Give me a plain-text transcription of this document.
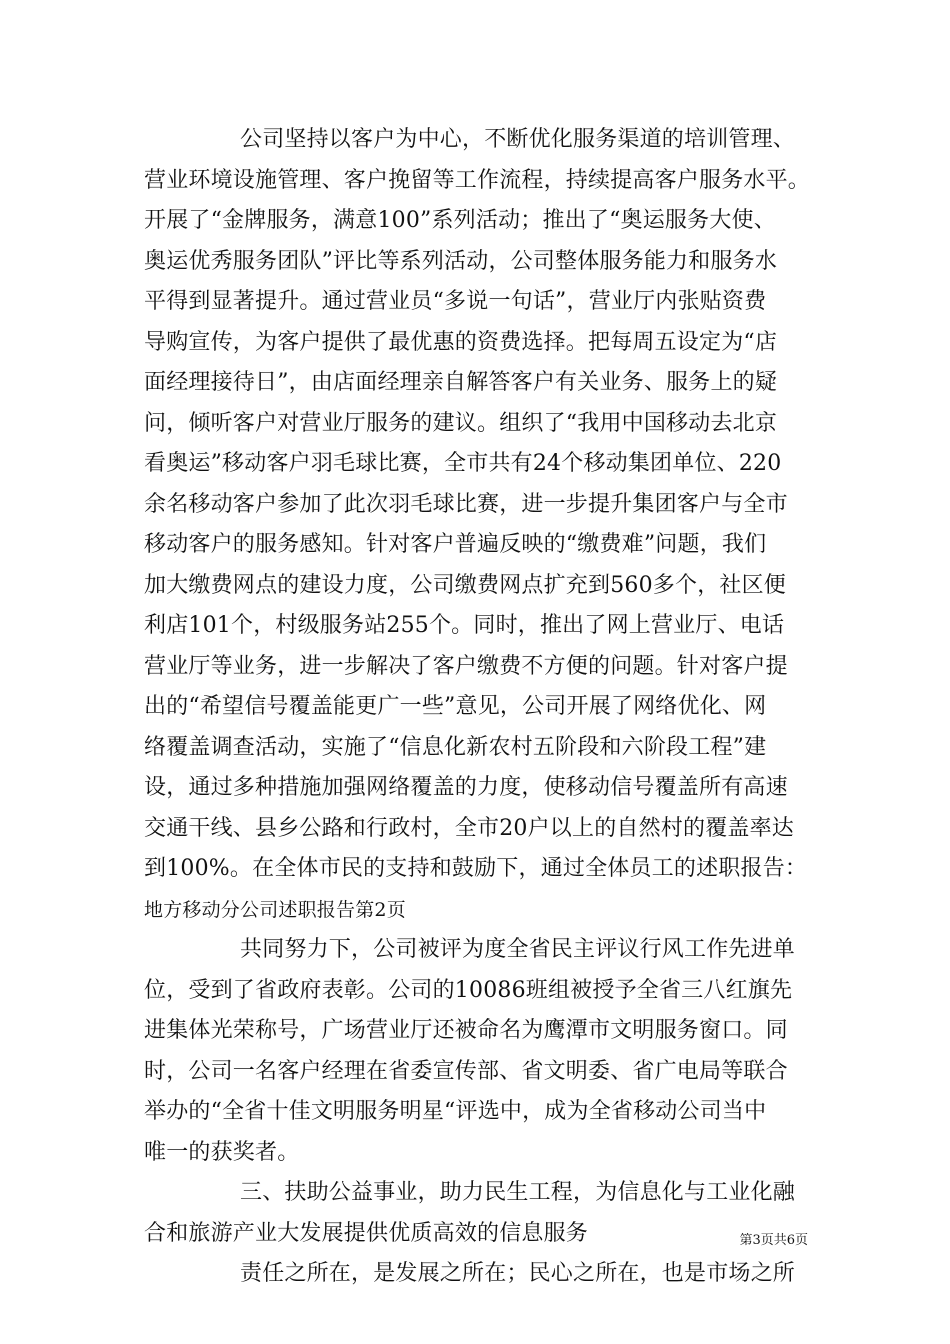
公司坚持以客户为中心，不断优化服务渠道的培训管理、
营业环境设施管理、客户挽留等工作流程，持续提高客户服务水平。
开展了“金牌服务，满意100”系列活动；推出了“奥运服务大使、
奥运优秀服务团队”评比等系列活动，公司整体服务能力和服务水
平得到显著提升。通过营业员“多说一句话”，营业厅内张贴资费
导购宣传，为客户提供了最优惠的资费选择。把每周五设定为“店
面经理接待日”，由店面经理亲自解答客户有关业务、服务上的疑
问，倾听客户对营业厅服务的建议。组织了“我用中国移动去北京
看奥运”移动客户羽毛球比赛，全市共有24个移动集团单位、220
余名移动客户参加了此次羽毛球比赛，进一步提升集团客户与全市
移动客户的服务感知。针对客户普遍反映的“缴费难”问题，我们
加大缴费网点的建设力度，公司缴费网点扩充到560多个，社区便
利店101个，村级服务站255个。同时，推出了网上营业厅、电话
营业厅等业务，进一步解决了客户缴费不方便的问题。针对客户提
出的“希望信号覆盖能更广一些”意见，公司开展了网络优化、网
络覆盖调查活动，实施了“信息化新农村五阶段和六阶段工程”建
设，通过多种措施加强网络覆盖的力度，使移动信号覆盖所有高速
交通干线、县乡公路和行政村，全市20户以上的自然村的覆盖率达
到100%。在全体市民的支持和鼓励下，通过全体员工的述职报告：
地方移动分公司述职报告第2页
共同努力下，公司被评为度全省民主评议行风工作先进单
位，受到了省政府表彰。公司的10086班组被授予全省三八红旗先
进集体光荣称号，广场营业厅还被命名为鹰潭市文明服务窗口。同
时，公司一名客户经理在省委宣传部、省文明委、省广电局等联合
举办的“全省十佳文明服务明星“评选中，成为全省移动公司当中
唯一的获奖者。
三、扶助公益事业，助力民生工程，为信息化与工业化融
合和旅游产业大发展提供优质高效的信息服务
责任之所在，是发展之所在；民心之所在，也是市场之所
第3页共6页
